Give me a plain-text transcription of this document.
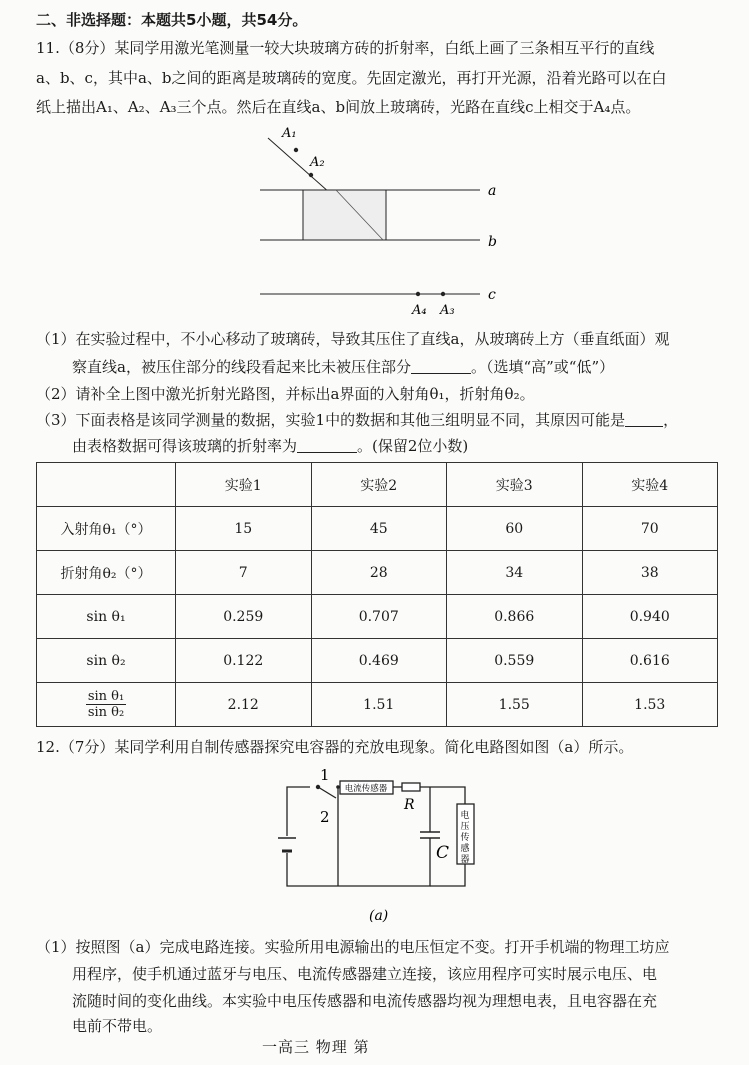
二、非选择题：本题共5小题，共54分。
11.（8分）某同学用激光笔测量一较大块玻璃方砖的折射率，白纸上画了三条相互平行的直线
a、b、c，其中a、b之间的距离是玻璃砖的宽度。先固定激光，再打开光源，沿着光路可以在白
纸上描出A₁、A₂、A₃三个点。然后在直线a、b间放上玻璃砖，光路在直线c上相交于A₄点。
A₁
A₂
a
b
c
A₄ A₃
（1）在实验过程中，不小心移动了玻璃砖，导致其压住了直线a，从玻璃砖上方（垂直纸面）观
察直线a，被压住部分的线段看起来比未被压住部分	。（选填“高”或“低”）
（2）请补全上图中激光折射光路图，并标出a界面的入射角θ₁，折射角θ₂。
（3）下面表格是该同学测量的数据，实验1中的数据和其他三组明显不同，其原因可能是	，
由表格数据可得该玻璃的折射率为	。(保留2位小数)
	实验1	实验2	实验3	实验4
入射角θ₁（°）	15	45	60	70
折射角θ₂（°）	7	28	34	38
sin θ₁	0.259	0.707	0.866	0.940
sin θ₂	0.122	0.469	0.559	0.616

$\frac{\text{sin θ₁}}{\text{sin θ₂}}$	2.12	1.51	1.55	1.53
12.（7分）某同学利用自制传感器探究电容器的充放电现象。简化电路图如图（a）所示。
1
2
电流传感器
R
C
电
压
传
感
器
(a)
（1）按照图（a）完成电路连接。实验所用电源输出的电压恒定不变。打开手机端的物理工坊应
用程序，使手机通过蓝牙与电压、电流传感器建立连接，该应用程序可实时展示电压、电
流随时间的变化曲线。本实验中电压传感器和电流传感器均视为理想电表，且电容器在充
电前不带电。
一高三 物理 第
